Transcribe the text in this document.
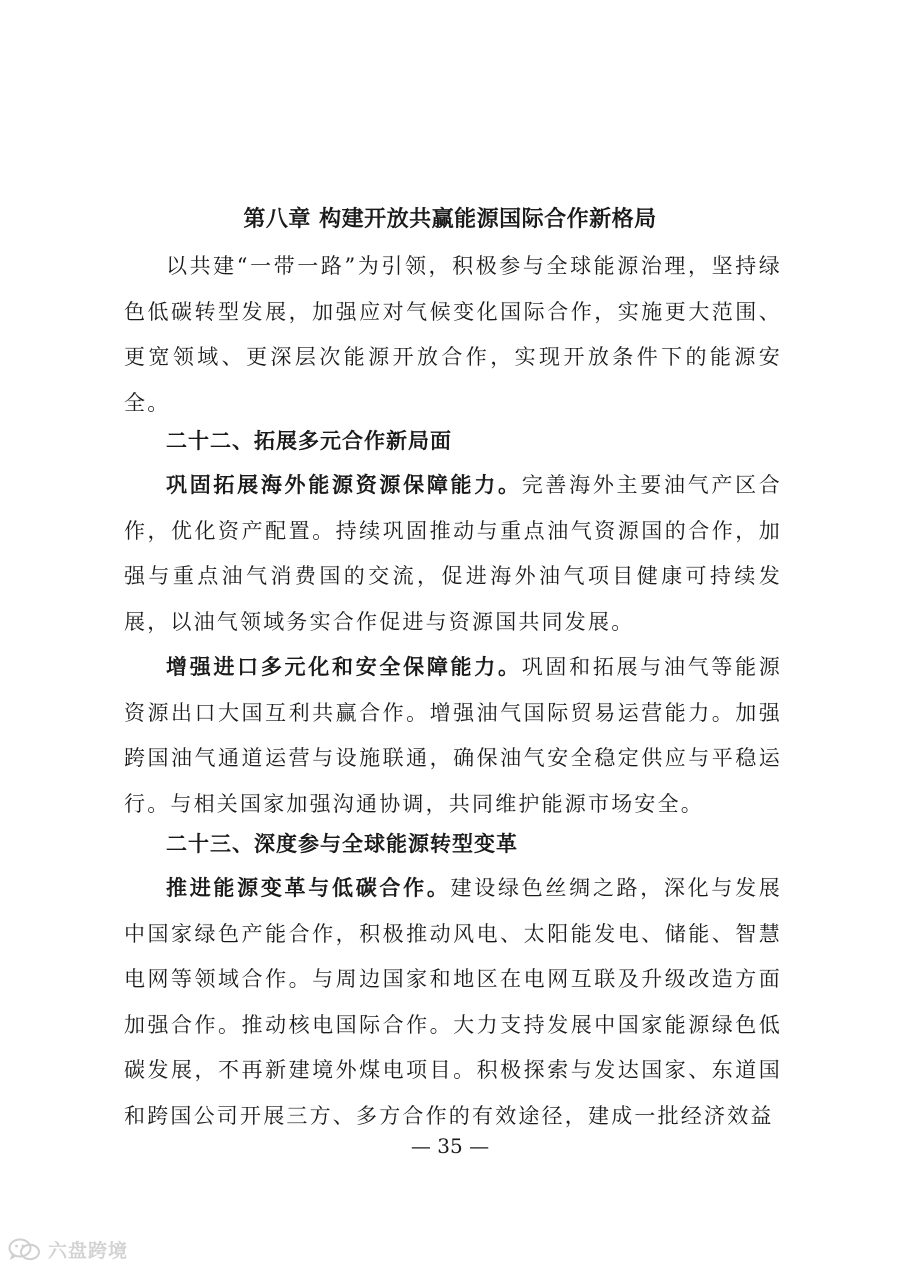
第八章 构建开放共赢能源国际合作新格局

以共建“一带一路”为引领，积极参与全球能源治理，坚持绿色低碳转型发展，加强应对气候变化国际合作，实施更大范围、更宽领域、更深层次能源开放合作，实现开放条件下的能源安全。

二十二、拓展多元合作新局面

巩固拓展海外能源资源保障能力。完善海外主要油气产区合作，优化资产配置。持续巩固推动与重点油气资源国的合作，加强与重点油气消费国的交流，促进海外油气项目健康可持续发展，以油气领域务实合作促进与资源国共同发展。

增强进口多元化和安全保障能力。巩固和拓展与油气等能源资源出口大国互利共赢合作。增强油气国际贸易运营能力。加强跨国油气通道运营与设施联通，确保油气安全稳定供应与平稳运行。与相关国家加强沟通协调，共同维护能源市场安全。

二十三、深度参与全球能源转型变革

推进能源变革与低碳合作。建设绿色丝绸之路，深化与发展中国家绿色产能合作，积极推动风电、太阳能发电、储能、智慧电网等领域合作。与周边国家和地区在电网互联及升级改造方面加强合作。推动核电国际合作。大力支持发展中国家能源绿色低碳发展，不再新建境外煤电项目。积极探索与发达国家、东道国和跨国公司开展三方、多方合作的有效途径，建成一批经济效益

— 35 —
六盘跨境
